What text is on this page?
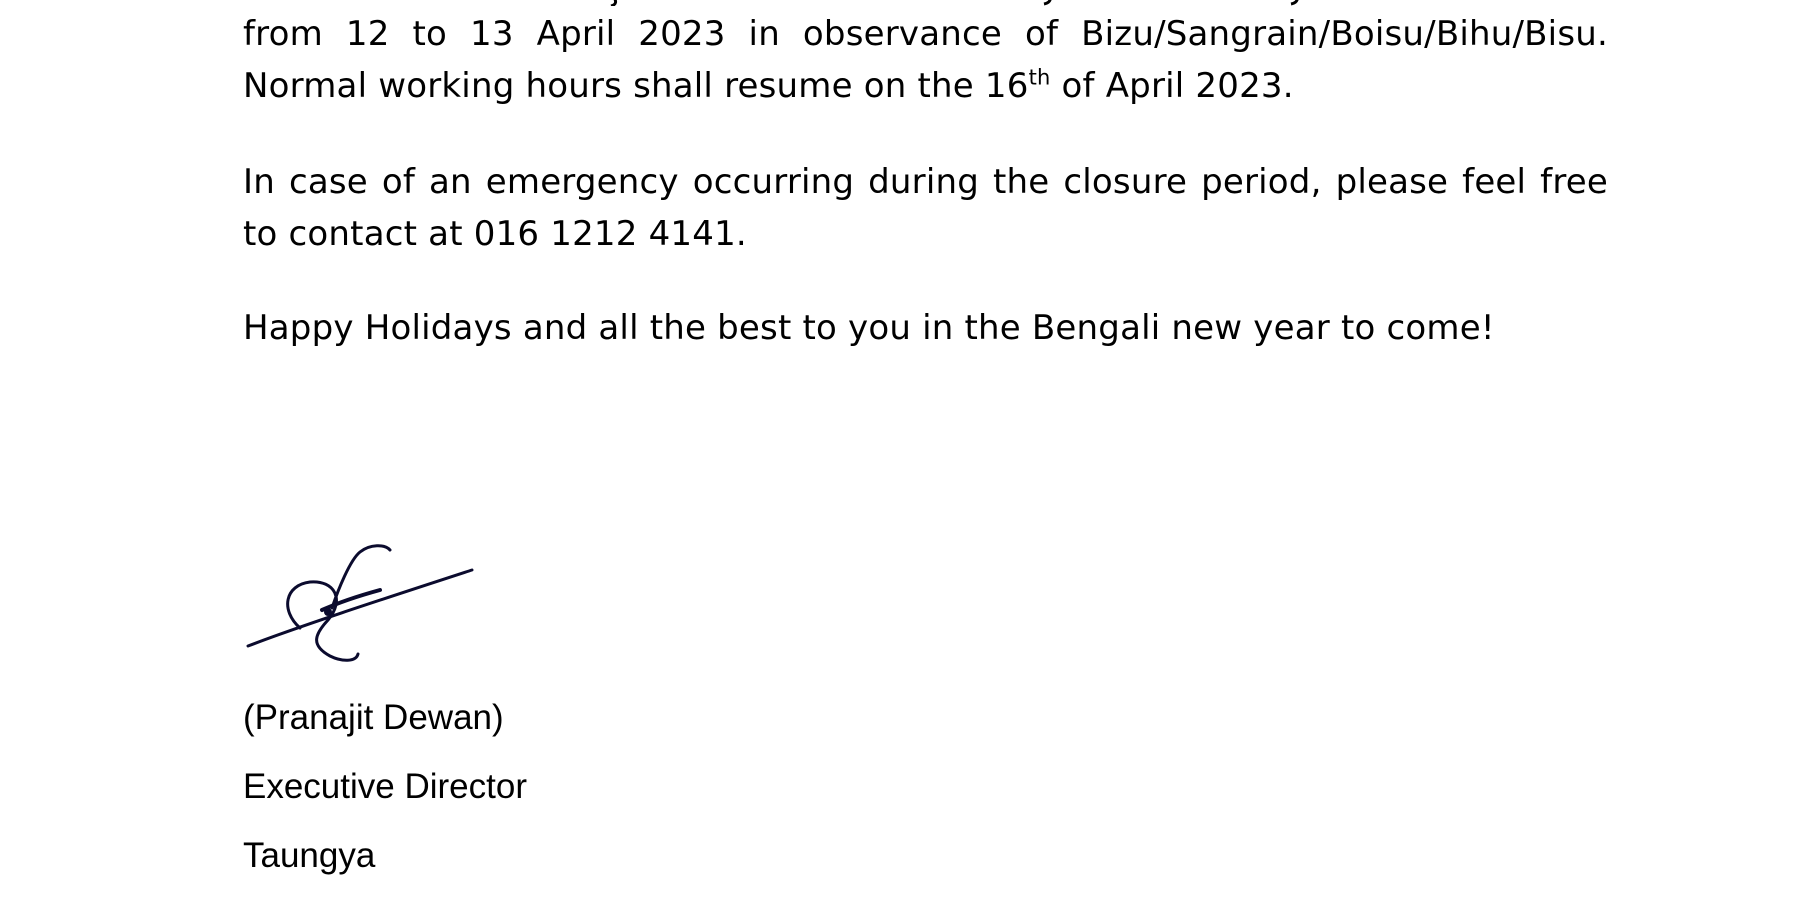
from 12 to 13 April 2023 in observance of Bizu/Sangrain/Boisu/Bihu/Bisu.
Normal working hours shall resume on the 16th of April 2023.

In case of an emergency occurring during the closure period, please feel free
to contact at 016 1212 4141.

Happy Holidays and all the best to you in the Bengali new year to come!

(Pranajit Dewan)

Executive Director

Taungya
